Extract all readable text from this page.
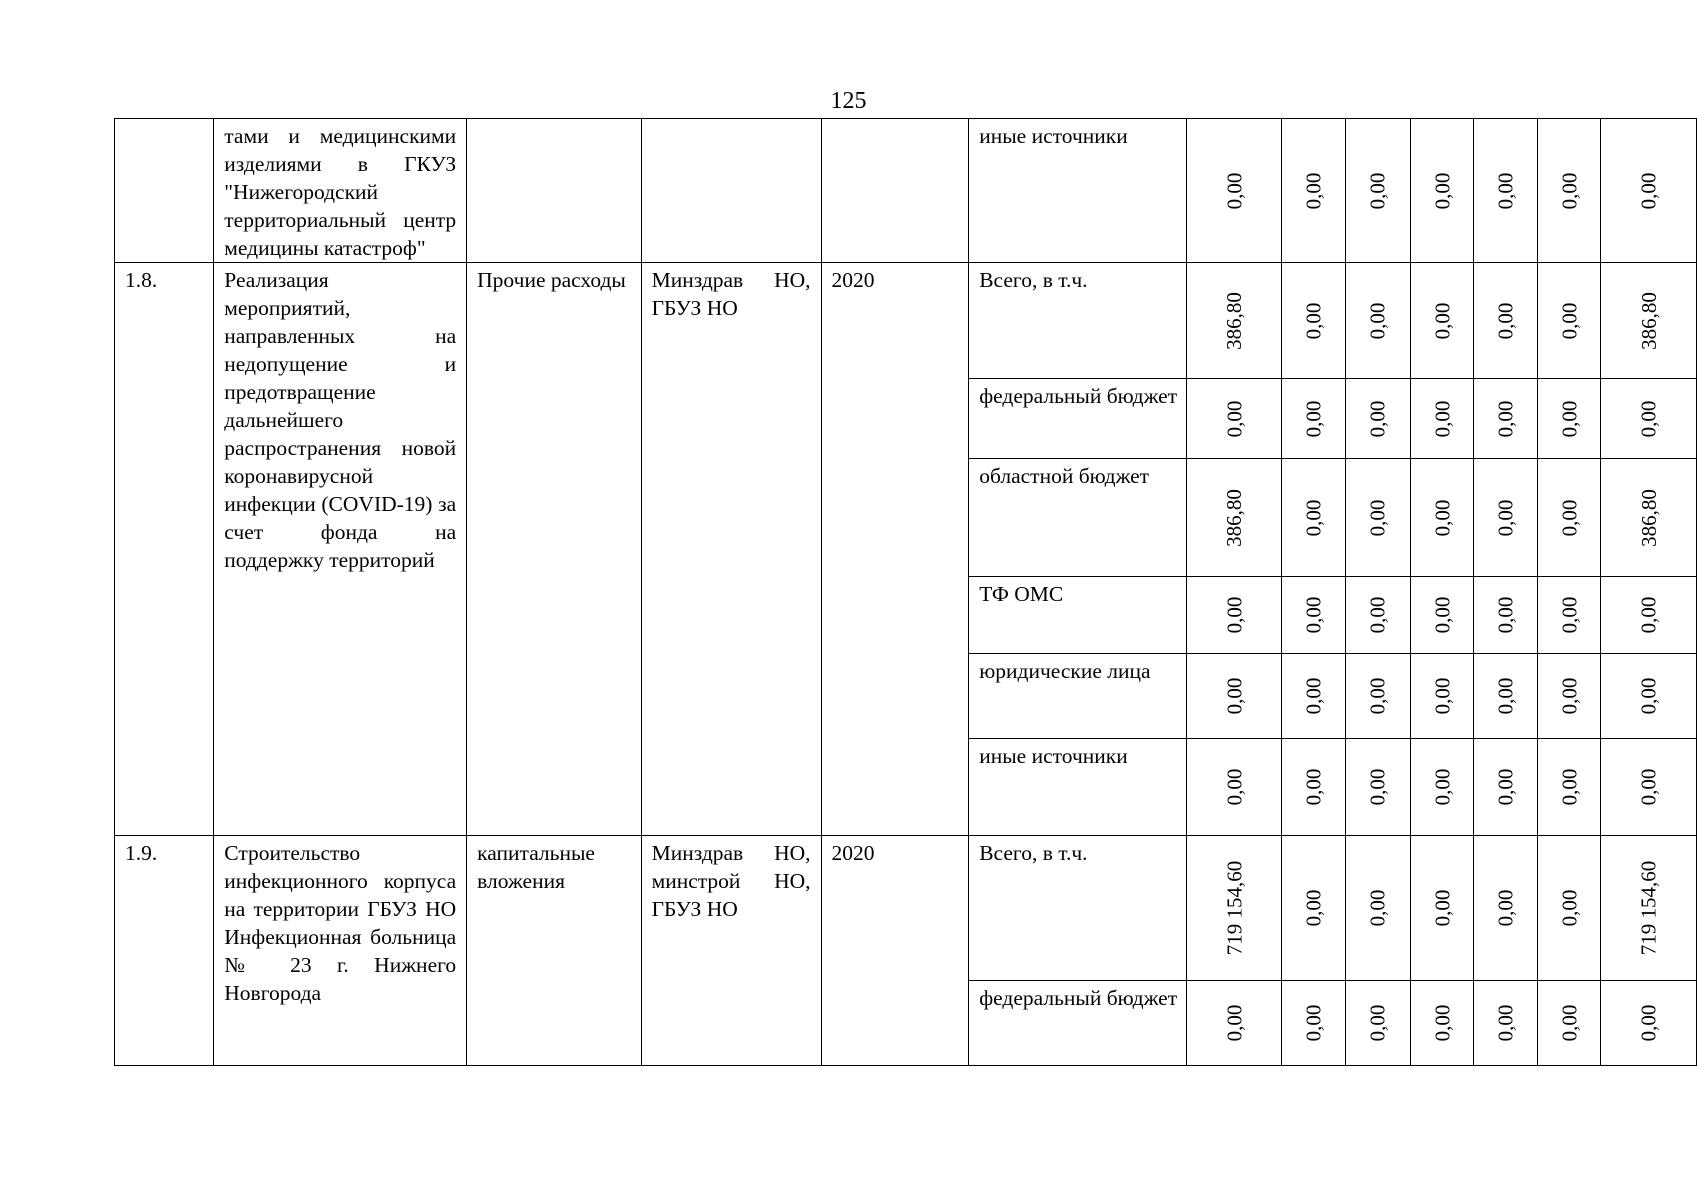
125
	тами и медицинскими изделиями в ГКУЗ "Нижегородский территориальный центр медицины катастроф"				иные источники	0,00	0,00	0,00	0,00	0,00	0,00	0,00
1.8.	Реализация мероприятий, направленных на недопущение и предотвращение дальнейшего распространения новой коронавирусной инфекции (COVID-19) за счет фонда на поддержку территорий	Прочие расходы	Минздрав НО, ГБУЗ НО	2020	Всего, в т.ч.	386,80	0,00	0,00	0,00	0,00	0,00	386,80
					федеральный бюджет	0,00	0,00	0,00	0,00	0,00	0,00	0,00
					областной бюджет	386,80	0,00	0,00	0,00	0,00	0,00	386,80
					ТФ ОМС	0,00	0,00	0,00	0,00	0,00	0,00	0,00
					юридические лица	0,00	0,00	0,00	0,00	0,00	0,00	0,00
					иные источники	0,00	0,00	0,00	0,00	0,00	0,00	0,00
1.9.	Строительство инфекционного корпуса на территории ГБУЗ НО Инфекционная больница № 23 г. Нижнего Новгорода	капитальные вложения	Минздрав НО, минстрой НО, ГБУЗ НО	2020	Всего, в т.ч.	719 154,60	0,00	0,00	0,00	0,00	0,00	719 154,60
					федеральный бюджет	0,00	0,00	0,00	0,00	0,00	0,00	0,00
